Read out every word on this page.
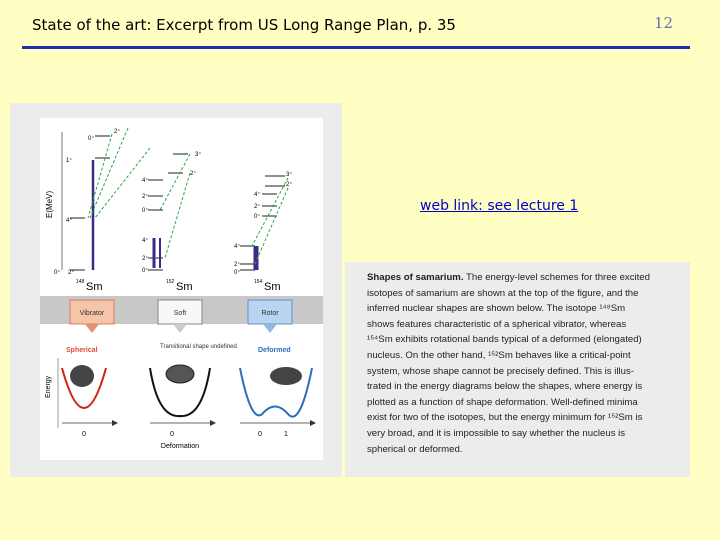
State of the art: Excerpt from US Long Range Plan, p. 35	12
E(MeV)
0⁺
2⁺
1⁺
4⁺
0⁺ 2⁺
3⁺
2⁺
4⁺
2⁺
0⁺
4⁺
2⁺
0⁺
3⁺
2⁺
4⁺
2⁺
0⁺
4⁺
2⁺
0⁺
148 Sm	152 Sm	154 Sm
Vibrator	Soft	Rotor
Spherical	Transitional shape undefined	Deformed
Energy
0	0	0	1
Deformation
web link: see lecture 1
Shapes of samarium. The energy-level schemes for three excited
isotopes of samarium are shown at the top of the figure, and the
inferred nuclear shapes are shown below. The isotope ¹⁴⁸Sm
shows features characteristic of a spherical vibrator, whereas
¹⁵⁴Sm exhibits rotational bands typical of a deformed (elongated)
nucleus. On the other hand, ¹⁵²Sm behaves like a critical-point
system, whose shape cannot be precisely defined. This is illus-
trated in the energy diagrams below the shapes, where energy is
plotted as a function of shape deformation. Well-defined minima
exist for two of the isotopes, but the energy minimum for ¹⁵²Sm is
very broad, and it is impossible to say whether the nucleus is
spherical or deformed.
